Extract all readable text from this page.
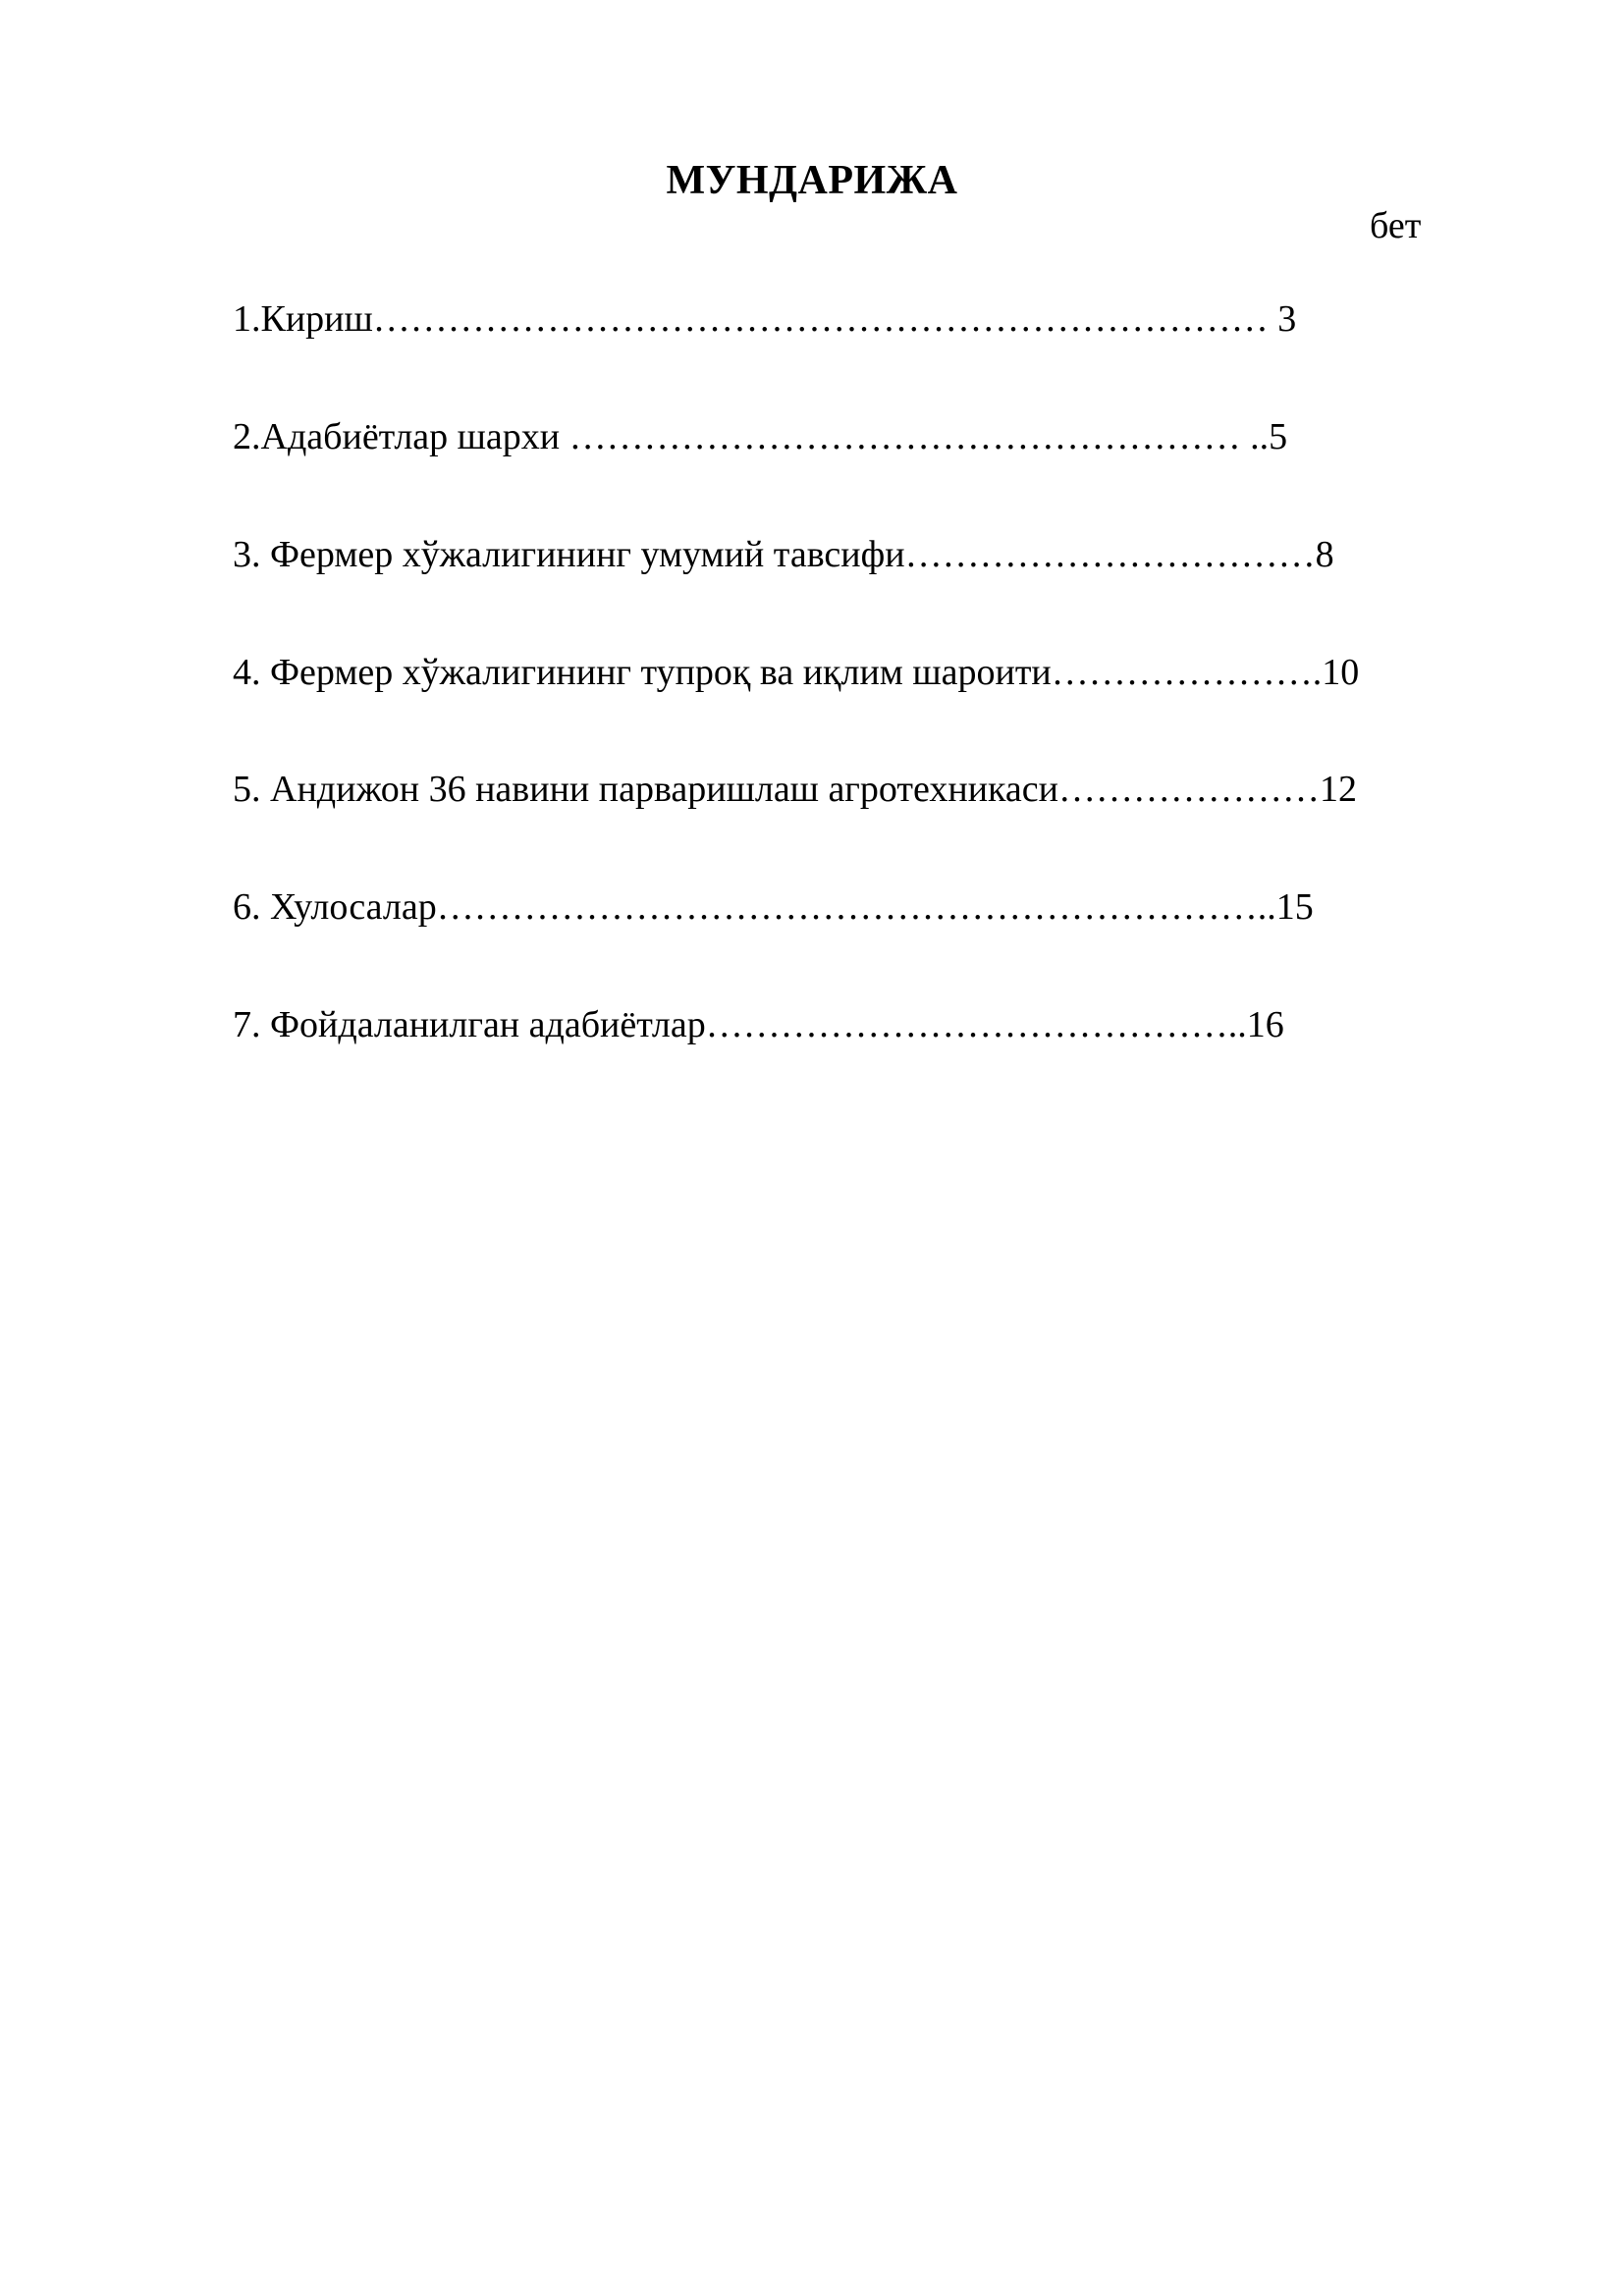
МУНДАРИЖА
бет
1.Кириш……………………………………………………………… 3
2.Адабиётлар шархи ……………………………………………… ..5
3. Фермер хўжалигининг умумий тавсифи……………………………8
4. Фермер хўжалигининг тупроқ ва иқлим шароити………………….10
5. Андижон 36 навини парваришлаш агротехникаси…………………12
6. Хулосалар…………………………………………………………..15
7. Фойдаланилган адабиётлар……………………………………..16
